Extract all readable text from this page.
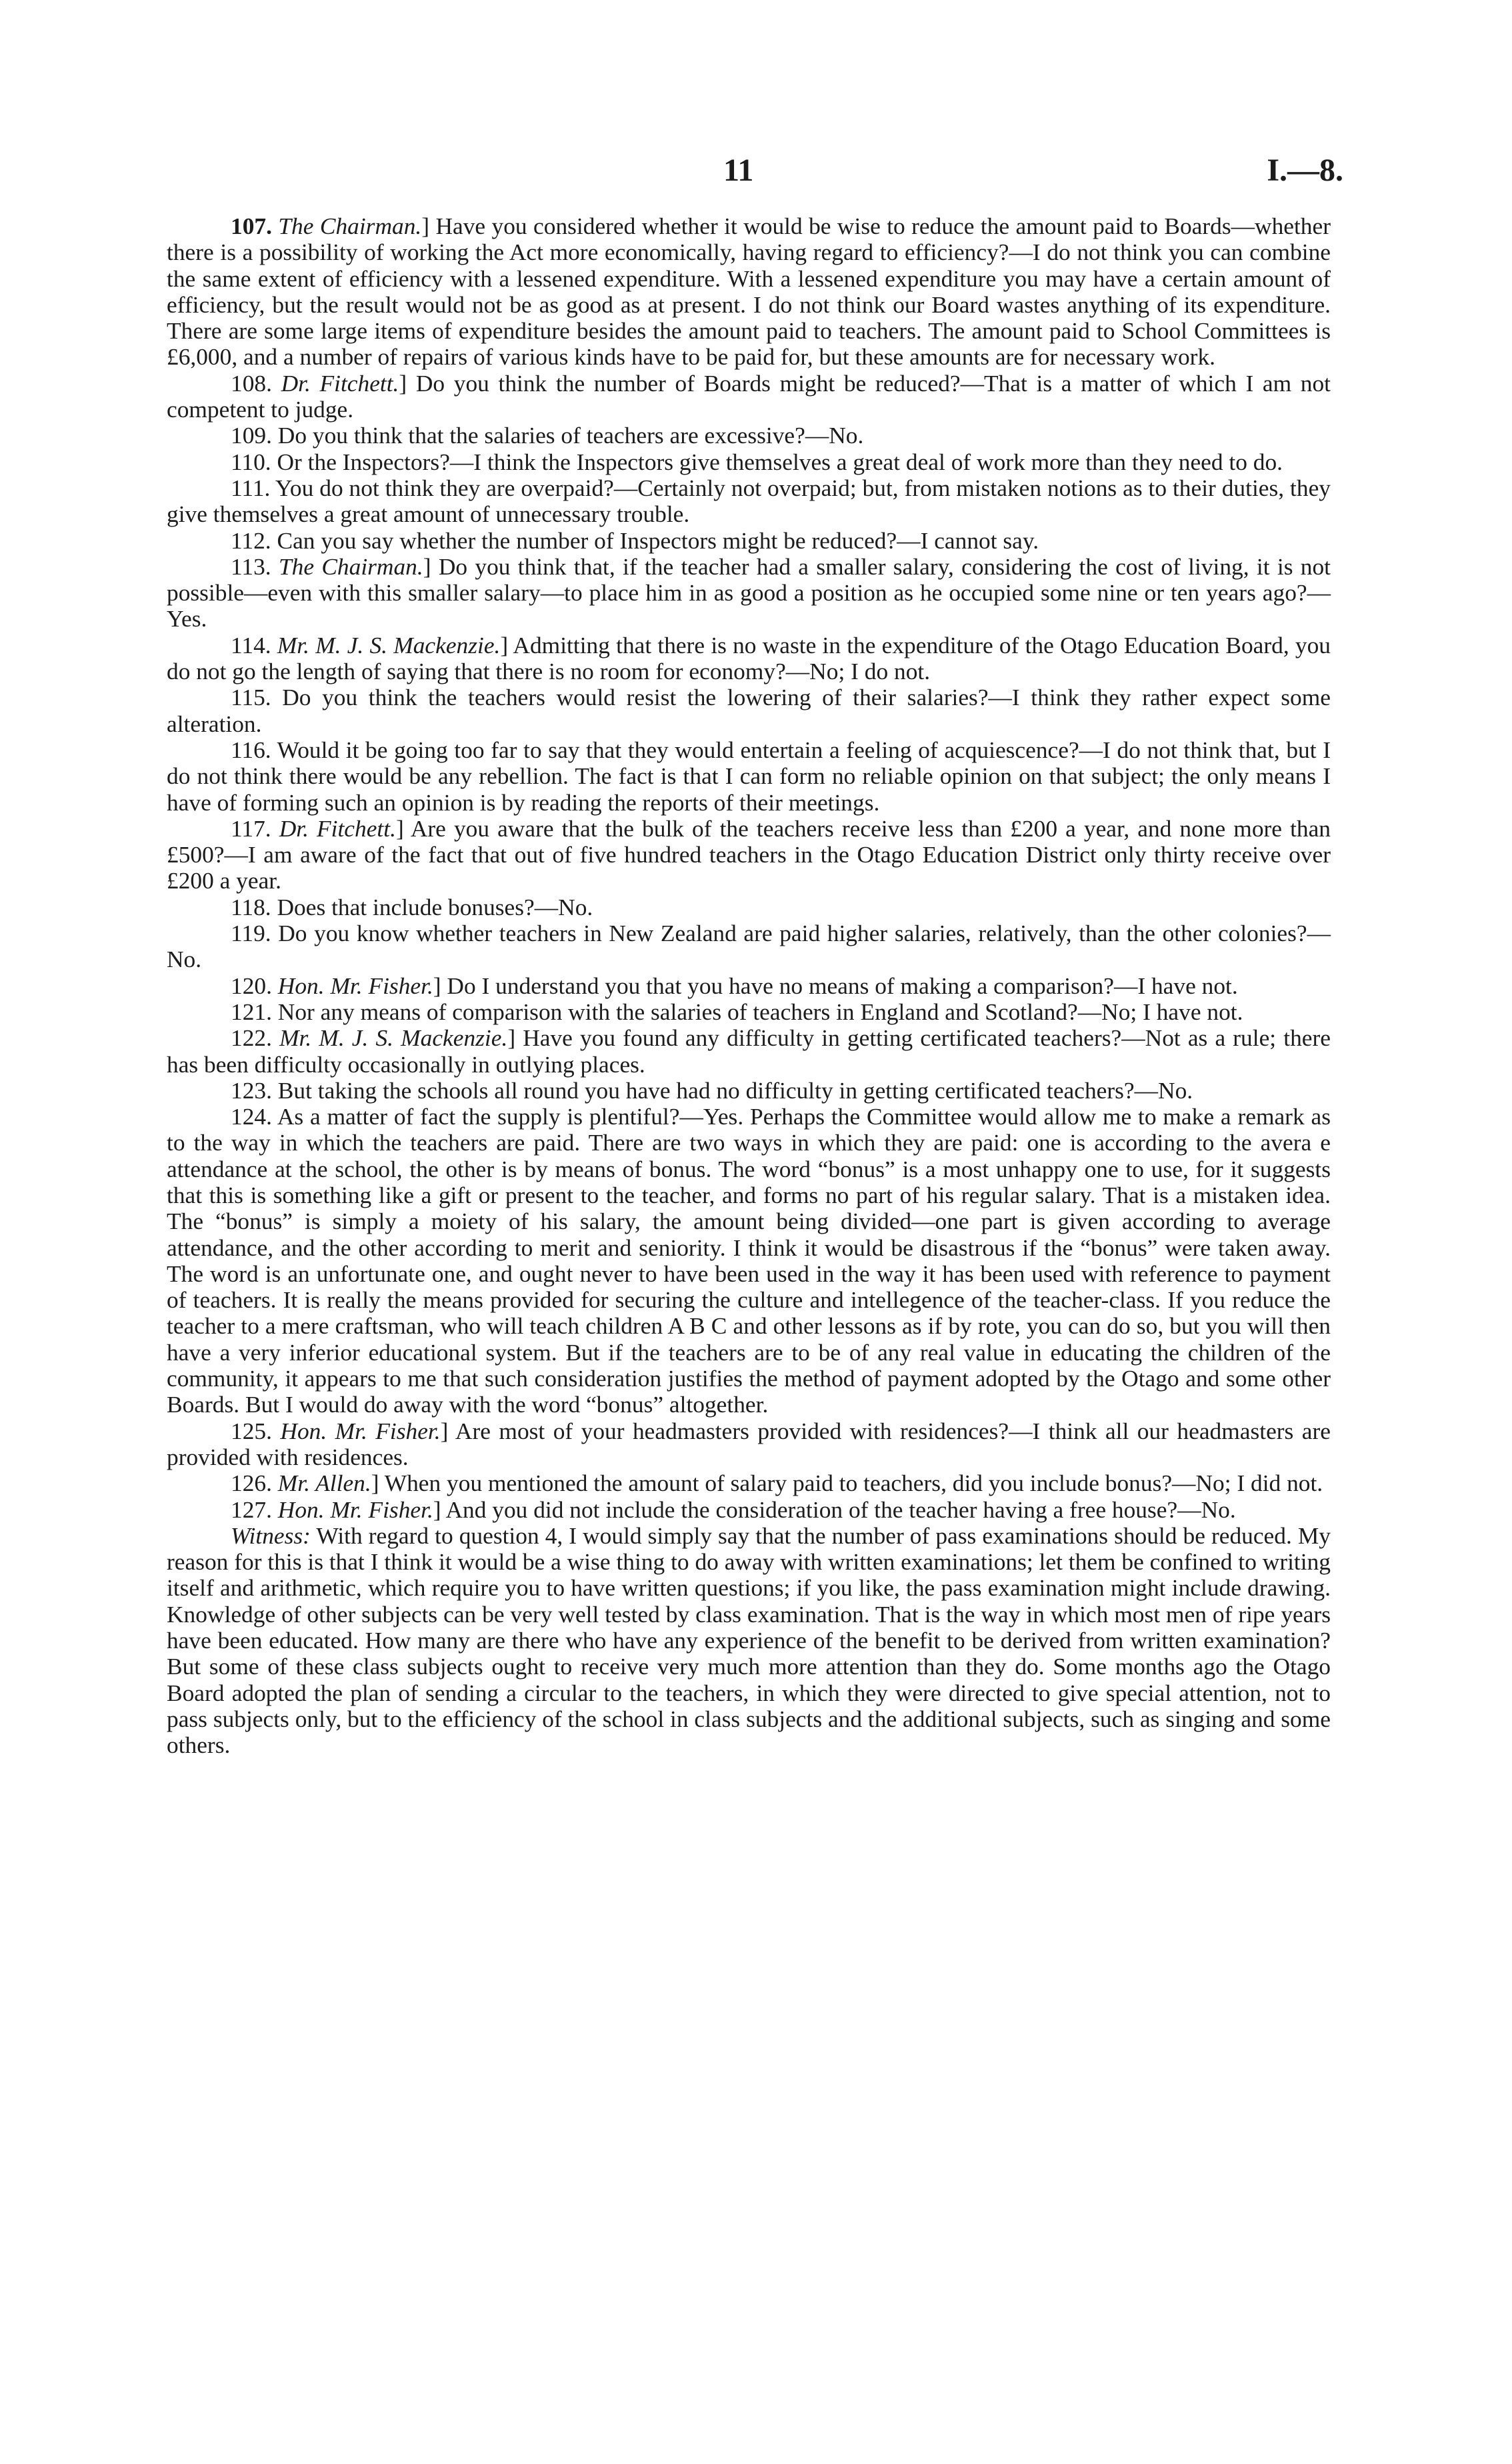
11	I.—8.

107. The Chairman.] Have you considered whether it would be wise to reduce the amount paid to Boards—whether there is a possibility of working the Act more economically, having regard to efficiency?—I do not think you can combine the same extent of efficiency with a lessened expenditure. With a lessened expenditure you may have a certain amount of efficiency, but the result would not be as good as at present. I do not think our Board wastes anything of its expenditure. There are some large items of expenditure besides the amount paid to teachers. The amount paid to School Committees is £6,000, and a number of repairs of various kinds have to be paid for, but these amounts are for necessary work.

108. Dr. Fitchett.] Do you think the number of Boards might be reduced?—That is a matter of which I am not competent to judge.

109. Do you think that the salaries of teachers are excessive?—No.

110. Or the Inspectors?—I think the Inspectors give themselves a great deal of work more than they need to do.

111. You do not think they are overpaid?—Certainly not overpaid; but, from mistaken notions as to their duties, they give themselves a great amount of unnecessary trouble.

112. Can you say whether the number of Inspectors might be reduced?—I cannot say.

113. The Chairman.] Do you think that, if the teacher had a smaller salary, considering the cost of living, it is not possible—even with this smaller salary—to place him in as good a position as he occupied some nine or ten years ago?—Yes.

114. Mr. M. J. S. Mackenzie.] Admitting that there is no waste in the expenditure of the Otago Education Board, you do not go the length of saying that there is no room for economy?—No; I do not.

115. Do you think the teachers would resist the lowering of their salaries?—I think they rather expect some alteration.

116. Would it be going too far to say that they would entertain a feeling of acquiescence?—I do not think that, but I do not think there would be any rebellion. The fact is that I can form no reliable opinion on that subject; the only means I have of forming such an opinion is by reading the reports of their meetings.

117. Dr. Fitchett.] Are you aware that the bulk of the teachers receive less than £200 a year, and none more than £500?—I am aware of the fact that out of five hundred teachers in the Otago Education District only thirty receive over £200 a year.

118. Does that include bonuses?—No.

119. Do you know whether teachers in New Zealand are paid higher salaries, relatively, than the other colonies?—No.

120. Hon. Mr. Fisher.] Do I understand you that you have no means of making a comparison?—I have not.

121. Nor any means of comparison with the salaries of teachers in England and Scotland?—No; I have not.

122. Mr. M. J. S. Mackenzie.] Have you found any difficulty in getting certificated teachers?—Not as a rule; there has been difficulty occasionally in outlying places.

123. But taking the schools all round you have had no difficulty in getting certificated teachers?—No.

124. As a matter of fact the supply is plentiful?—Yes. Perhaps the Committee would allow me to make a remark as to the way in which the teachers are paid. There are two ways in which they are paid: one is according to the avera e attendance at the school, the other is by means of bonus. The word “bonus” is a most unhappy one to use, for it suggests that this is something like a gift or present to the teacher, and forms no part of his regular salary. That is a mistaken idea. The “bonus” is simply a moiety of his salary, the amount being divided—one part is given according to average attendance, and the other according to merit and seniority. I think it would be disastrous if the “bonus” were taken away. The word is an unfortunate one, and ought never to have been used in the way it has been used with reference to payment of teachers. It is really the means provided for securing the culture and intellegence of the teacher-class. If you reduce the teacher to a mere craftsman, who will teach children A B C and other lessons as if by rote, you can do so, but you will then have a very inferior educational system. But if the teachers are to be of any real value in educating the children of the community, it appears to me that such consideration justifies the method of payment adopted by the Otago and some other Boards. But I would do away with the word “bonus” altogether.

125. Hon. Mr. Fisher.] Are most of your headmasters provided with residences?—I think all our headmasters are provided with residences.

126. Mr. Allen.] When you mentioned the amount of salary paid to teachers, did you include bonus?—No; I did not.

127. Hon. Mr. Fisher.] And you did not include the consideration of the teacher having a free house?—No.

Witness: With regard to question 4, I would simply say that the number of pass examinations should be reduced. My reason for this is that I think it would be a wise thing to do away with written examinations; let them be confined to writing itself and arithmetic, which require you to have written questions; if you like, the pass examination might include drawing. Knowledge of other subjects can be very well tested by class examination. That is the way in which most men of ripe years have been educated. How many are there who have any experience of the benefit to be derived from written examination? But some of these class subjects ought to receive very much more attention than they do. Some months ago the Otago Board adopted the plan of sending a circular to the teachers, in which they were directed to give special attention, not to pass subjects only, but to the efficiency of the school in class subjects and the additional subjects, such as singing and some others.
